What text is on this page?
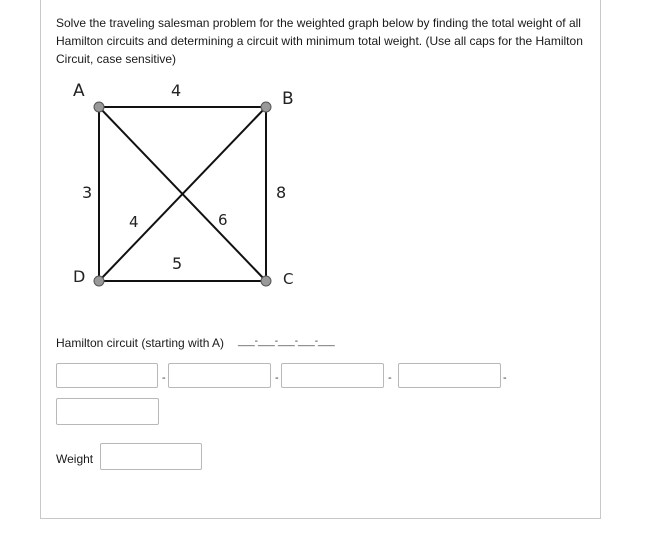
Solve the traveling salesman problem for the weighted graph below by finding the total weight of all
Hamilton circuits and determining a circuit with minimum total weight. (Use all caps for the Hamilton
Circuit, case sensitive)

A	B
C
D
4
3	8
4	6
5
Hamilton circuit (starting with A) ___-___-___-___-___
-	-	-	-
Weight
